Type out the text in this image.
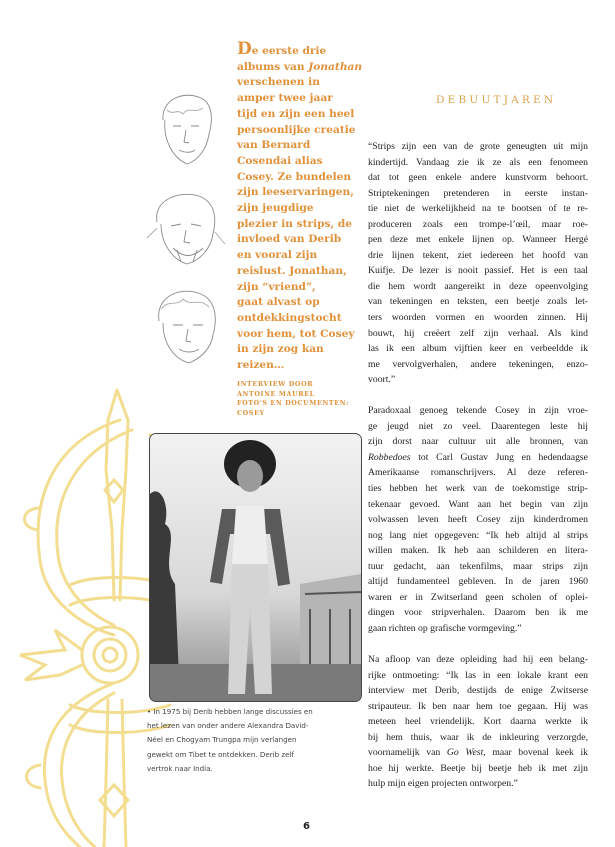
De eerste drie
albums van Jonathan
verschenen in
amper twee jaar
tijd en zijn een heel
persoonlijke creatie
van Bernard
Cosendai alias
Cosey. Ze bundelen
zijn leeservaringen,
zijn jeugdige
plezier in strips, de
invloed van Derib
en vooral zijn
reislust. Jonathan,
zijn “vriend”,
gaat alvast op
ontdekkingstocht
voor hem, tot Cosey
in zijn zog kan
reizen…
INTERVIEW DOOR
ANTOINE MAUREL
FOTO'S EN DOCUMENTEN:
COSEY
DEBUUTJAREN
“Strips zijn een van de grote geneugten uit mijn
kindertijd. Vandaag zie ik ze als een fenomeen
dat tot geen enkele andere kunstvorm behoort.
Striptekeningen pretenderen in eerste instan-
tie niet de werkelijkheid na te bootsen of te re-
produceren zoals een trompe-l’œil, maar roe-
pen deze met enkele lijnen op. Wanneer Hergé
drie lijnen tekent, ziet iedereen het hoofd van
Kuifje. De lezer is nooit passief. Het is een taal
die hem wordt aangereikt in deze opeenvolging
van tekeningen en teksten, een beetje zoals let-
ters woorden vormen en woorden zinnen. Hij
bouwt, hij creëert zelf zijn verhaal. Als kind
las ik een album vijftien keer en verbeeldde ik
me vervolgverhalen, andere tekeningen, enzo-
voort.”
Paradoxaal genoeg tekende Cosey in zijn vroe-
ge jeugd niet zo veel. Daarentegen leste hij
zijn dorst naar cultuur uit alle bronnen, van
Robbedoes tot Carl Gustav Jung en hedendaagse
Amerikaanse romanschrijvers. Al deze referen-
ties hebben het werk van de toekomstige strip-
tekenaar gevoed. Want aan het begin van zijn
volwassen leven heeft Cosey zijn kinderdromen
nog lang niet opgegeven: “Ik heb altijd al strips
willen maken. Ik heb aan schilderen en litera-
tuur gedacht, aan tekenfilms, maar strips zijn
altijd fundamenteel gebleven. In de jaren 1960
waren er in Zwitserland geen scholen of oplei-
dingen voor stripverhalen. Daarom ben ik me
gaan richten op grafische vormgeving.”
Na afloop van deze opleiding had hij een belang-
rijke ontmoeting: “Ik las in een lokale krant een
interview met Derib, destijds de enige Zwitserse
stripauteur. Ik ben naar hem toe gegaan. Hij was
meteen heel vriendelijk. Kort daarna werkte ik
bij hem thuis, waar ik de inkleuring verzorgde,
voornamelijk van Go West, maar bovenal keek ik
hoe hij werkte. Beetje bij beetje heb ik met zijn
hulp mijn eigen projecten ontworpen.”
• In 1975 bij Derib hebben lange discussies en
het lezen van onder andere Alexandra David-
Néel en Chogyam Trungpa mijn verlangen
gewekt om Tibet te ontdekken. Derib zelf
vertrok naar India.
6
